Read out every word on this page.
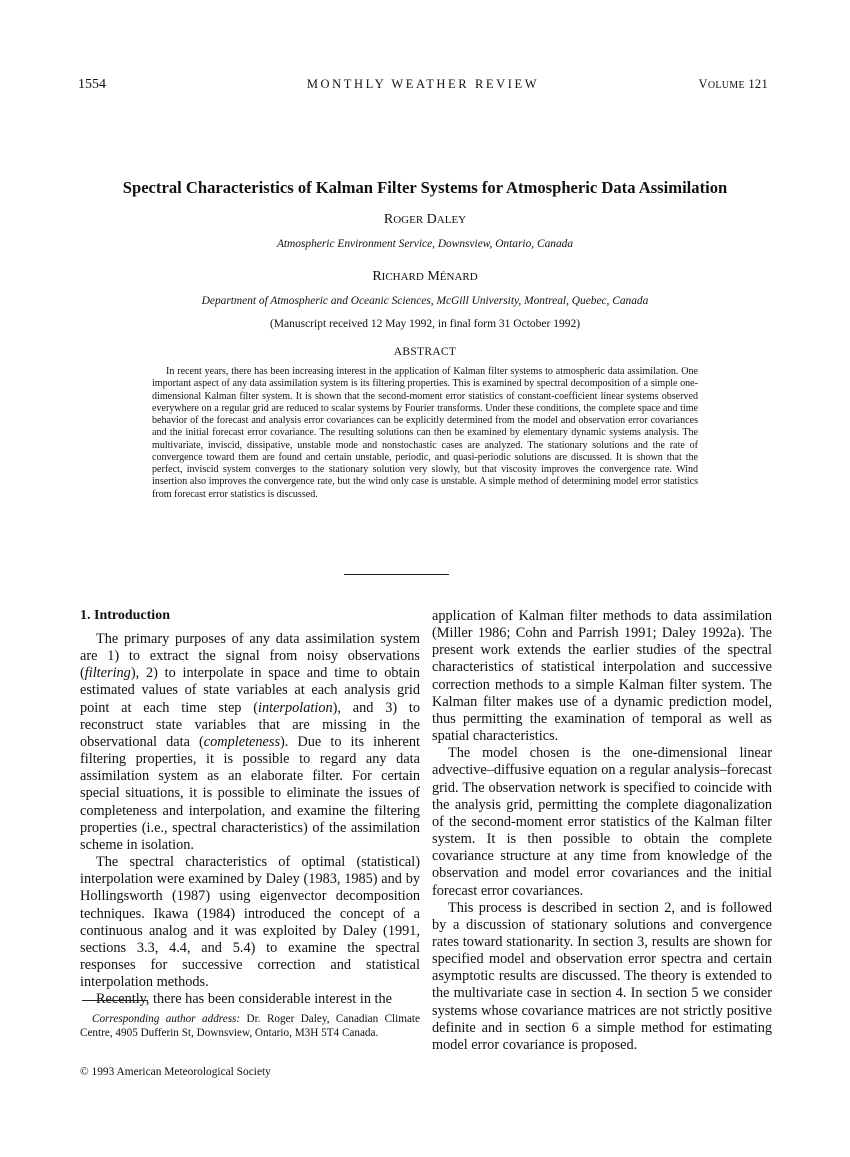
1554	MONTHLY WEATHER REVIEW	VOLUME 121
Spectral Characteristics of Kalman Filter Systems for Atmospheric Data Assimilation
ROGER DALEY
Atmospheric Environment Service, Downsview, Ontario, Canada
RICHARD MÉNARD
Department of Atmospheric and Oceanic Sciences, McGill University, Montreal, Quebec, Canada
(Manuscript received 12 May 1992, in final form 31 October 1992)
ABSTRACT
In recent years, there has been increasing interest in the application of Kalman filter systems to atmospheric data assimilation. One important aspect of any data assimilation system is its filtering properties. This is examined by spectral decomposition of a simple one-dimensional Kalman filter system. It is shown that the second-moment error statistics of constant-coefficient linear systems observed everywhere on a regular grid are reduced to scalar systems by Fourier transforms. Under these conditions, the complete space and time behavior of the forecast and analysis error covariances can be explicitly determined from the model and observation error covariances and the initial forecast error covariance. The resulting solutions can then be examined by elementary dynamic systems analysis. The multivariate, inviscid, dissipative, unstable mode and nonstochastic cases are analyzed. The stationary solutions and the rate of convergence toward them are found and certain unstable, periodic, and quasi-periodic solutions are discussed. It is shown that the perfect, inviscid system converges to the stationary solution very slowly, but that viscosity improves the convergence rate. Wind insertion also improves the convergence rate, but the wind only case is unstable. A simple method of determining model error statistics from forecast error statistics is discussed.
1. Introduction

The primary purposes of any data assimilation system are 1) to extract the signal from noisy observations (filtering), 2) to interpolate in space and time to obtain estimated values of state variables at each analysis grid point at each time step (interpolation), and 3) to reconstruct state variables that are missing in the observational data (completeness). Due to its inherent filtering properties, it is possible to regard any data assimilation system as an elaborate filter. For certain special situations, it is possible to eliminate the issues of completeness and interpolation, and examine the filtering properties (i.e., spectral characteristics) of the assimilation scheme in isolation.

The spectral characteristics of optimal (statistical) interpolation were examined by Daley (1983, 1985) and by Hollingsworth (1987) using eigenvector decomposition techniques. Ikawa (1984) introduced the concept of a continuous analog and it was exploited by Daley (1991, sections 3.3, 4.4, and 5.4) to examine the spectral responses for successive correction and statistical interpolation methods.

Recently, there has been considerable interest in the

Corresponding author address: Dr. Roger Daley, Canadian Climate Centre, 4905 Dufferin St, Downsview, Ontario, M3H 5T4 Canada.
© 1993 American Meteorological Society

application of Kalman filter methods to data assimilation (Miller 1986; Cohn and Parrish 1991; Daley 1992a). The present work extends the earlier studies of the spectral characteristics of statistical interpolation and successive correction methods to a simple Kalman filter system. The Kalman filter makes use of a dynamic prediction model, thus permitting the examination of temporal as well as spatial characteristics.

The model chosen is the one-dimensional linear advective–diffusive equation on a regular analysis–forecast grid. The observation network is specified to coincide with the analysis grid, permitting the complete diagonalization of the second-moment error statistics of the Kalman filter system. It is then possible to obtain the complete covariance structure at any time from knowledge of the observation and model error covariances and the initial forecast error covariances.

This process is described in section 2, and is followed by a discussion of stationary solutions and convergence rates toward stationarity. In section 3, results are shown for specified model and observation error spectra and certain asymptotic results are discussed. The theory is extended to the multivariate case in section 4. In section 5 we consider systems whose covariance matrices are not strictly positive definite and in section 6 a simple method for estimating model error covariance is proposed.
